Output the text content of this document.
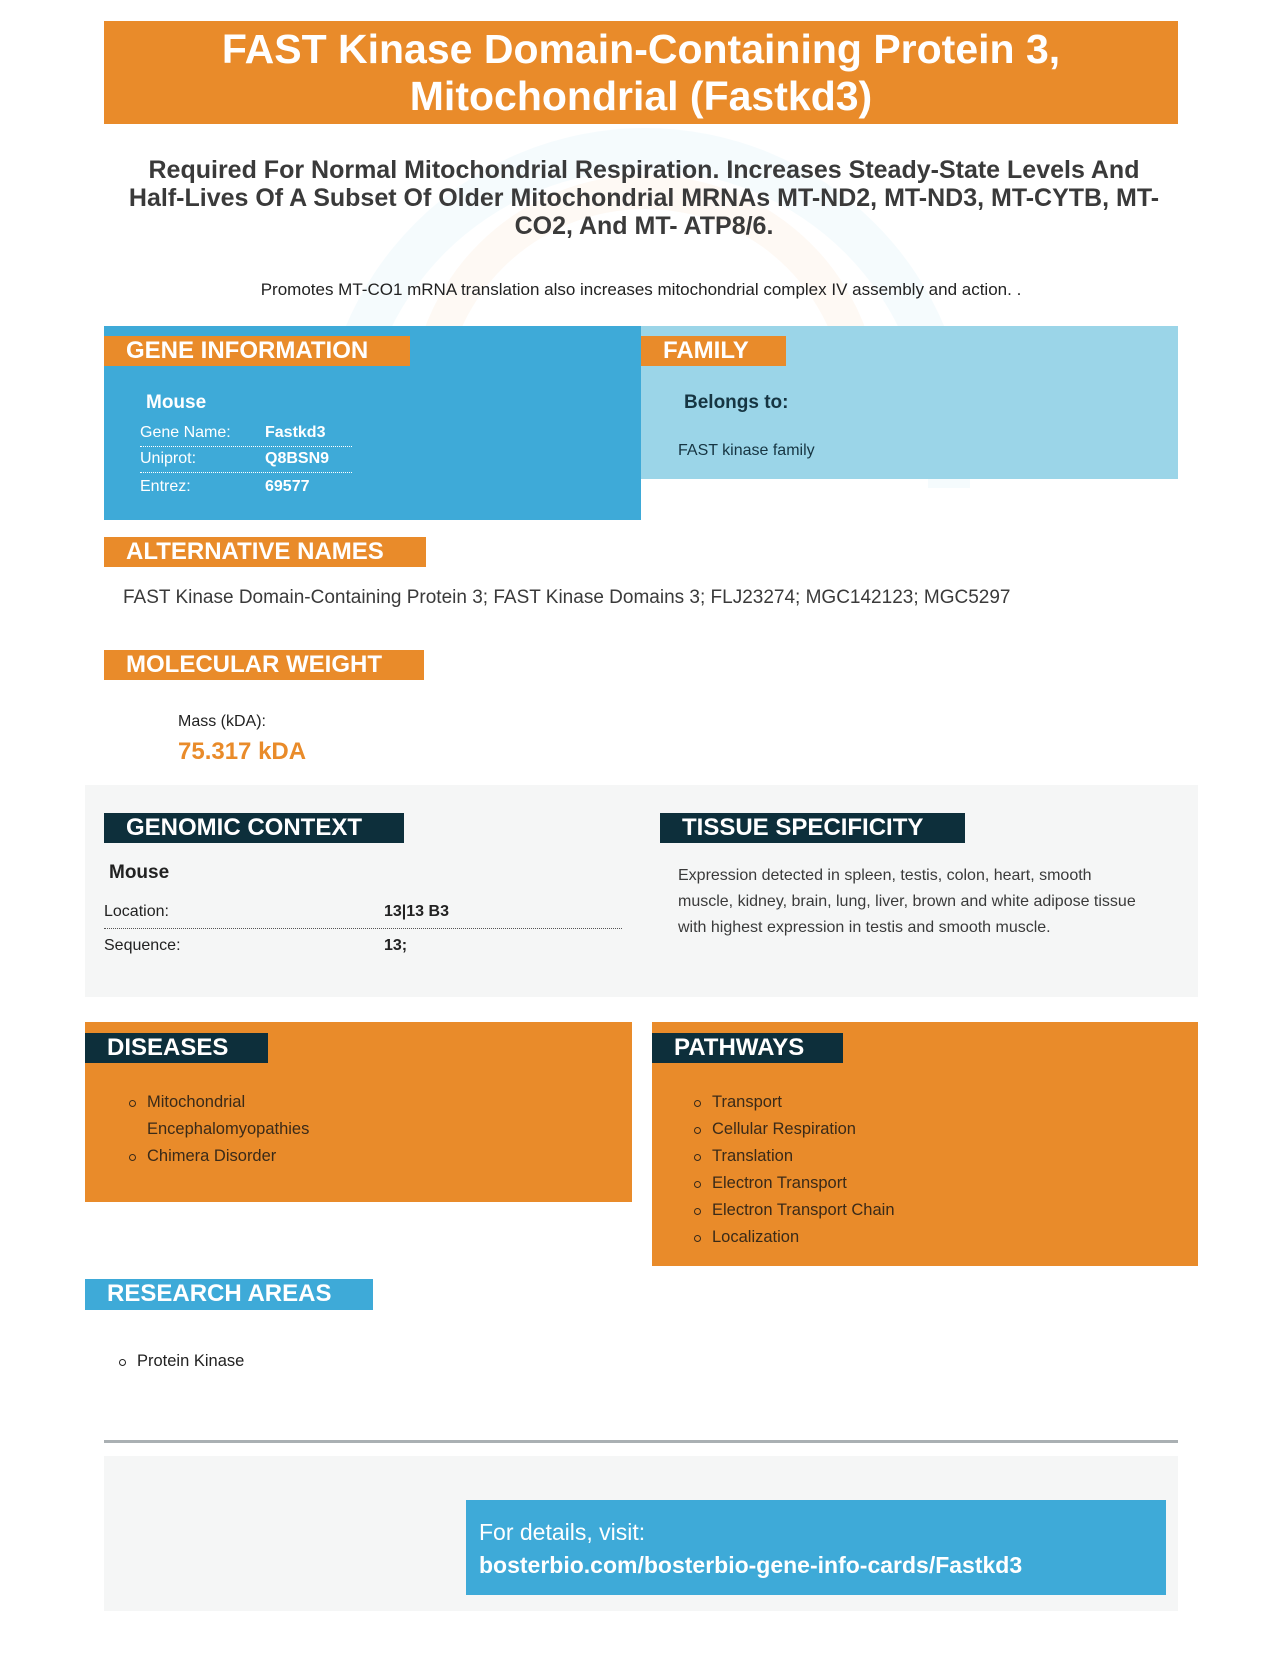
FAST Kinase Domain-Containing Protein 3, Mitochondrial (Fastkd3)
Required For Normal Mitochondrial Respiration. Increases Steady-State Levels And Half-Lives Of A Subset Of Older Mitochondrial MRNAs MT-ND2, MT-ND3, MT-CYTB, MT-CO2, And MT- ATP8/6.
Promotes MT-CO1 mRNA translation also increases mitochondrial complex IV assembly and action. .
GENE INFORMATION
Mouse
Gene Name:	Fastkd3
Uniprot:	Q8BSN9
Entrez:	69577
FAMILY
Belongs to:
FAST kinase family
ALTERNATIVE NAMES
FAST Kinase Domain-Containing Protein 3; FAST Kinase Domains 3; FLJ23274; MGC142123; MGC5297
MOLECULAR WEIGHT
Mass (kDA):
75.317 kDA
GENOMIC CONTEXT
Mouse
Location:	13|13 B3
Sequence:	13;
TISSUE SPECIFICITY
Expression detected in spleen, testis, colon, heart, smooth muscle, kidney, brain, lung, liver, brown and white adipose tissue with highest expression in testis and smooth muscle.
DISEASES
Mitochondrial Encephalomyopathies
Chimera Disorder
PATHWAYS
Transport
Cellular Respiration
Translation
Electron Transport
Electron Transport Chain
Localization
RESEARCH AREAS
Protein Kinase
For details, visit:
bosterbio.com/bosterbio-gene-info-cards/Fastkd3
